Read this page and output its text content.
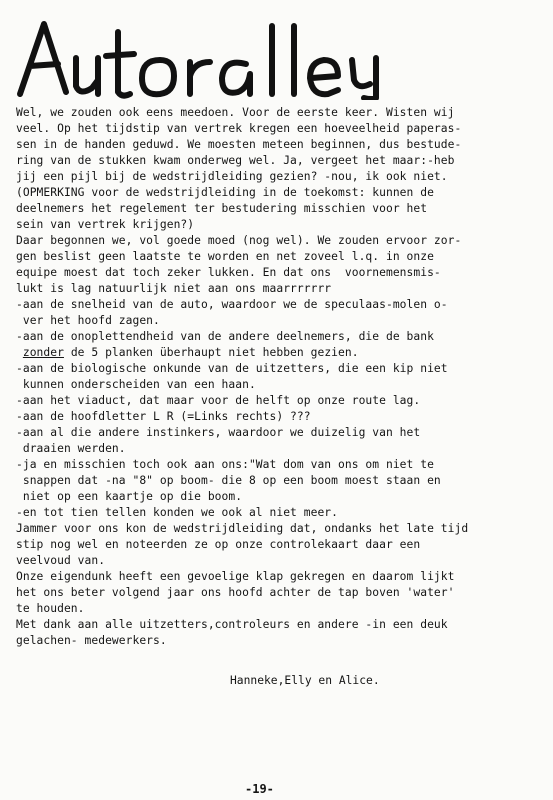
Wel, we zouden ook eens meedoen. Voor de eerste keer. Wisten wij
veel. Op het tijdstip van vertrek kregen een hoeveelheid paperas-
sen in de handen geduwd. We moesten meteen beginnen, dus bestude-
ring van de stukken kwam onderweg wel. Ja, vergeet het maar:-heb
jij een pijl bij de wedstrijdleiding gezien? -nou, ik ook niet.
(OPMERKING voor de wedstrijdleiding in de toekomst: kunnen de
deelnemers het regelement ter bestudering misschien voor het
sein van vertrek krijgen?)
Daar begonnen we, vol goede moed (nog wel). We zouden ervoor zor-
gen beslist geen laatste te worden en net zoveel l.q. in onze
equipe moest dat toch zeker lukken. En dat ons  voornemensmis-
lukt is lag natuurlijk niet aan ons maarrrrrrr
-aan de snelheid van de auto, waardoor we de speculaas-molen o-
ver het hoofd zagen.
-aan de onoplettendheid van de andere deelnemers, die de bank
zonder de 5 planken überhaupt niet hebben gezien.
-aan de biologische onkunde van de uitzetters, die een kip niet
kunnen onderscheiden van een haan.
-aan het viaduct, dat maar voor de helft op onze route lag.
-aan de hoofdletter L R (=Links rechts) ???
-aan al die andere instinkers, waardoor we duizelig van het
draaien werden.
-ja en misschien toch ook aan ons:"Wat dom van ons om niet te
snappen dat -na "8" op boom- die 8 op een boom moest staan en
niet op een kaartje op die boom.
-en tot tien tellen konden we ook al niet meer.
Jammer voor ons kon de wedstrijdleiding dat, ondanks het late tijd
stip nog wel en noteerden ze op onze controlekaart daar een
veelvoud van.
Onze eigendunk heeft een gevoelige klap gekregen en daarom lijkt
het ons beter volgend jaar ons hoofd achter de tap boven 'water'
te houden.
Met dank aan alle uitzetters,controleurs en andere -in een deuk
gelachen- medewerkers.
Hanneke,Elly en Alice.
-19-
